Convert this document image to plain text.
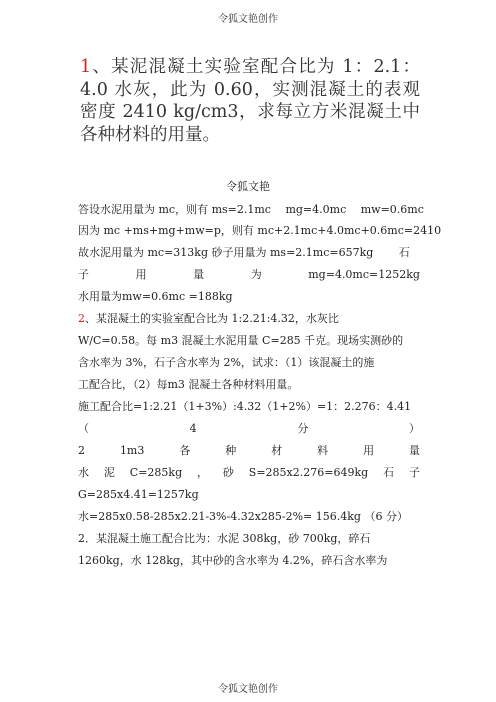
令狐文艳创作

1、某泥混凝土实验室配合比为 1：2.1：4.0 水灰，此为 0.60，实测混凝土的表观密度 2410 kg/cm3，求每立方米混凝土中各种材料的用量。

令狐文艳
答设水泥用量为 mc，则有 ms=2.1mc　 mg=4.0mc　 mw=0.6mc
因为 mc +ms+mg+mw=p，则有 mc+2.1mc+4.0mc+0.6mc=2410
故水泥用量为 mc=313kg 砂子用量为 ms=2.1mc=657kg　　 石
子	用	量	为	mg=4.0mc=1252kg
水用量为mw=0.6mc =188kg
2、某混凝土的实验室配合比为 1:2.21:4.32，水灰比
W/C=0.58。每 m3 混凝土水泥用量 C=285 千克。现场实测砂的
含水率为 3%，石子含水率为 2%，试求：（1）该混凝土的施
工配合比，（2）每m3 混凝土各种材料用量。
施工配合比=1:2.21（1+3%）:4.32（1+2%）=1：2.276：4.41
（	4	分	）
2	1m3	各	种	材	料	用	量
水 泥 C=285kg ， 砂 S=285x2.276=649kg 石 子
G=285x4.41=1257kg
水=285x0.58-285x2.21-3%-4.32x285-2%= 156.4kg （6 分）
2．某混凝土施工配合比为：水泥 308kg，砂 700kg，碎石
1260kg，水 128kg，其中砂的含水率为 4.2%，碎石含水率为
令狐文艳创作
